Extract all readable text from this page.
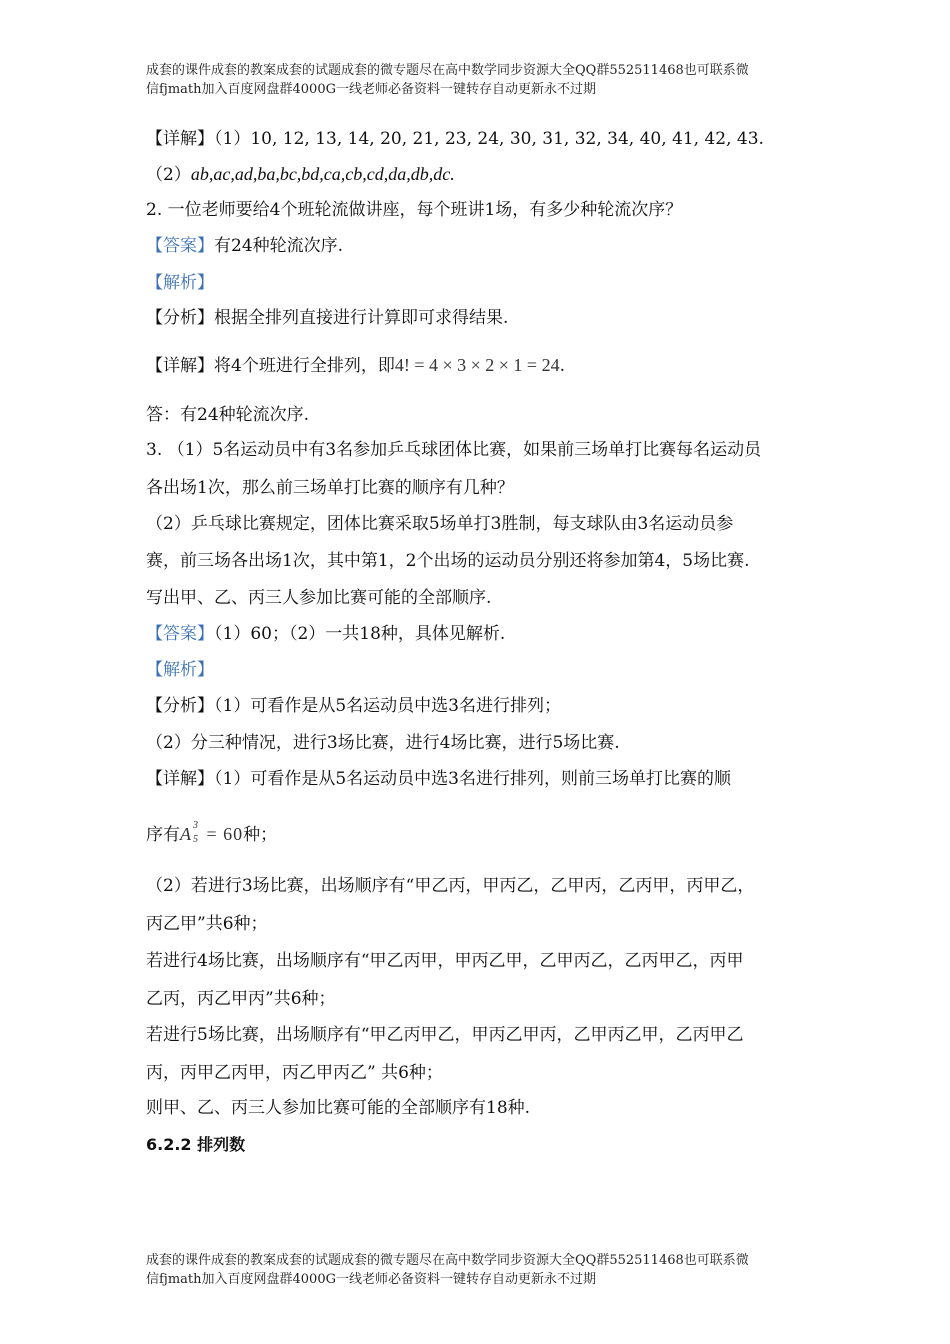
成套的课件成套的教案成套的试题成套的微专题尽在高中数学同步资源大全QQ群552511468也可联系微
信fjmath加入百度网盘群4000G一线老师必备资料一键转存自动更新永不过期
【详解】（1）10, 12, 13, 14, 20, 21, 23, 24, 30, 31, 32, 34, 40, 41, 42, 43.
（2）ab,ac,ad,ba,bc,bd,ca,cb,cd,da,db,dc.
2. 一位老师要给4个班轮流做讲座，每个班讲1场，有多少种轮流次序？
【答案】有24种轮流次序.
【解析】
【分析】根据全排列直接进行计算即可求得结果.
【详解】将4个班进行全排列，即4! = 4 × 3 × 2 × 1 = 24.
答：有24种轮流次序.
3. （1）5名运动员中有3名参加乒乓球团体比赛，如果前三场单打比赛每名运动员
各出场1次，那么前三场单打比赛的顺序有几种？
（2）乒乓球比赛规定，团体比赛采取5场单打3胜制，每支球队由3名运动员参
赛，前三场各出场1次，其中第1，2个出场的运动员分别还将参加第4，5场比赛.
写出甲、乙、丙三人参加比赛可能的全部顺序.
【答案】（1）60；（2）一共18种，具体见解析.
【解析】
【分析】（1）可看作是从5名运动员中选3名进行排列；
（2）分三种情况，进行3场比赛，进行4场比赛，进行5场比赛.
【详解】（1）可看作是从5名运动员中选3名进行排列，则前三场单打比赛的顺
序有A 3
5 = 60种；
（2）若进行3场比赛，出场顺序有“甲乙丙，甲丙乙，乙甲丙，乙丙甲，丙甲乙，
丙乙甲”共6种；
若进行4场比赛，出场顺序有“甲乙丙甲，甲丙乙甲，乙甲丙乙，乙丙甲乙，丙甲
乙丙，丙乙甲丙”共6种；
若进行5场比赛，出场顺序有“甲乙丙甲乙，甲丙乙甲丙，乙甲丙乙甲，乙丙甲乙
丙，丙甲乙丙甲，丙乙甲丙乙” 共6种；
则甲、乙、丙三人参加比赛可能的全部顺序有18种.
6.2.2 排列数
成套的课件成套的教案成套的试题成套的微专题尽在高中数学同步资源大全QQ群552511468也可联系微
信fjmath加入百度网盘群4000G一线老师必备资料一键转存自动更新永不过期
